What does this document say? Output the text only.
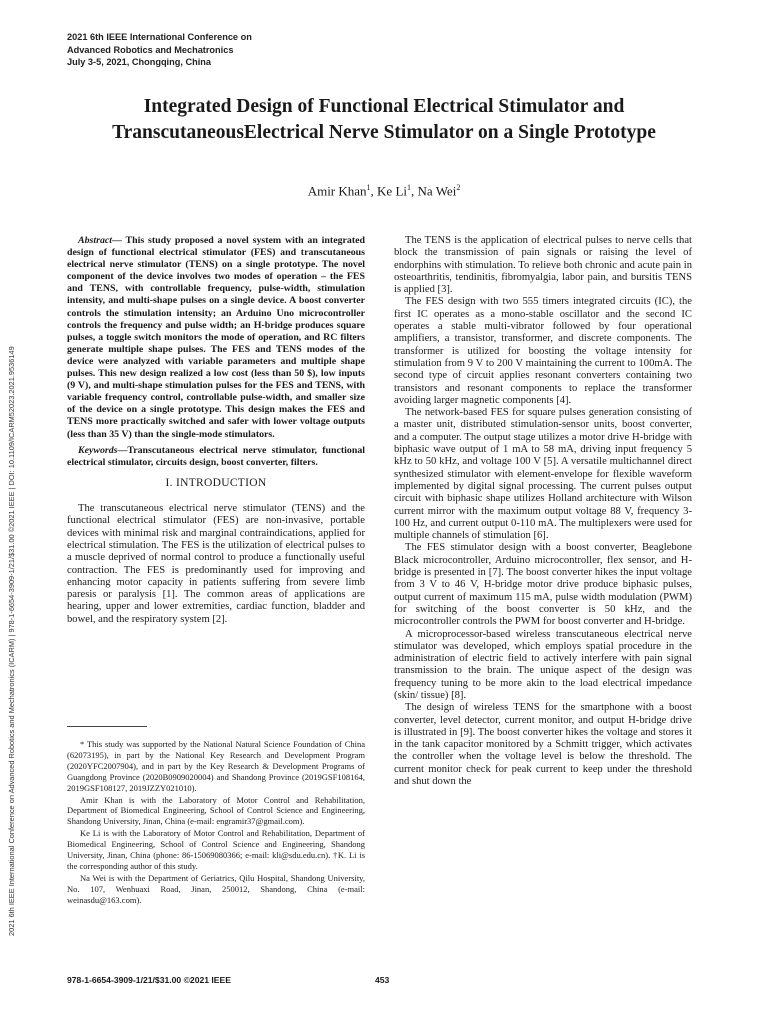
2021 6th IEEE International Conference on
Advanced Robotics and Mechatronics
July 3-5, 2021, Chongqing, China
2021 6th IEEE International Conference on Advanced Robotics and Mechatronics (ICARM) | 978-1-6654-3909-1/21/$31.00 ©2021 IEEE | DOI: 10.1109/ICARM52023.2021.9536149
Integrated Design of Functional Electrical Stimulator and TranscutaneousElectrical Nerve Stimulator on a Single Prototype
Amir Khan$^1$, Ke Li$^1$, Na Wei$^2$

Abstract— This study proposed a novel system with an integrated design of functional electrical stimulator (FES) and transcutaneous electrical nerve stimulator (TENS) on a single prototype. The novel component of the device involves two modes of operation – the FES and TENS, with controllable frequency, pulse-width, stimulation intensity, and multi-shape pulses on a single device. A boost converter controls the stimulation intensity; an Arduino Uno microcontroller controls the frequency and pulse width; an H-bridge produces square pulses, a toggle switch monitors the mode of operation, and RC filters generate multiple shape pulses. The FES and TENS modes of the device were analyzed with variable parameters and multiple shape pulses. This new design realized a low cost (less than 50 $), low inputs (9 V), and multi-shape stimulation pulses for the FES and TENS, with variable frequency control, controllable pulse-width, and smaller size of the device on a single prototype. This design makes the FES and TENS more practically switched and safer with lower voltage outputs (less than 35 V) than the single-mode stimulators.

Keywords—Transcutaneous electrical nerve stimulator, functional electrical stimulator, circuits design, boost converter, filters.

I. INTRODUCTION

The transcutaneous electrical nerve stimulator (TENS) and the functional electrical stimulator (FES) are non-invasive, portable devices with minimal risk and marginal contraindications, applied for electrical stimulation. The FES is the utilization of electrical pulses to a muscle deprived of normal control to produce a functionally useful contraction. The FES is predominantly used for improving and enhancing motor capacity in patients suffering from severe limb paresis or paralysis [1]. The common areas of applications are hearing, upper and lower extremities, cardiac function, bladder and bowel, and the respiratory system [2].

* This study was supported by the National Natural Science Foundation of China (62073195), in part by the National Key Research and Development Program (2020YFC2007904), and in part by the Key Research & Development Programs of Guangdong Province (2020B0909020004) and Shandong Province (2019GSF108164, 2019GSF108127, 2019JZZY021010).

Amir Khan is with the Laboratory of Motor Control and Rehabilitation, Department of Biomedical Engineering, School of Control Science and Engineering, Shandong University, Jinan, China (e-mail: engramir37@gmail.com).

Ke Li is with the Laboratory of Motor Control and Rehabilitation, Department of Biomedical Engineering, School of Control Science and Engineering, Shandong University, Jinan, China (phone: 86-15069080366; e-mail: kli@sdu.edu.cn). †K. Li is the corresponding author of this study.

Na Wei is with the Department of Geriatrics, Qilu Hospital, Shandong University, No. 107, Wenhuaxi Road, Jinan, 250012, Shandong, China (e-mail: weinasdu@163.com).

The TENS is the application of electrical pulses to nerve cells that block the transmission of pain signals or raising the level of endorphins with stimulation. To relieve both chronic and acute pain in osteoarthritis, tendinitis, fibromyalgia, labor pain, and bursitis TENS is applied [3].

The FES design with two 555 timers integrated circuits (IC), the first IC operates as a mono-stable oscillator and the second IC operates a stable multi-vibrator followed by four operational amplifiers, a transistor, transformer, and discrete components. The transformer is utilized for boosting the voltage intensity for stimulation from 9 V to 200 V maintaining the current to 100mA. The second type of circuit applies resonant converters containing two transistors and resonant components to replace the transformer avoiding larger magnetic components [4].

The network-based FES for square pulses generation consisting of a master unit, distributed stimulation-sensor units, boost converter, and a computer. The output stage utilizes a motor drive H-bridge with biphasic wave output of 1 mA to 58 mA, driving input frequency 5 kHz to 50 kHz, and voltage 100 V [5]. A versatile multichannel direct synthesized stimulator with element-envelope for flexible waveform implemented by digital signal processing. The current pulses output circuit with biphasic shape utilizes Holland architecture with Wilson current mirror with the maximum output voltage 88 V, frequency 3-100 Hz, and current output 0-110 mA. The multiplexers were used for multiple channels of stimulation [6].

The FES stimulator design with a boost converter, Beaglebone Black microcontroller, Arduino microcontroller, flex sensor, and H-bridge is presented in [7]. The boost converter hikes the input voltage from 3 V to 46 V, H-bridge motor drive produce biphasic pulses, output current of maximum 115 mA, pulse width modulation (PWM) for switching of the boost converter is 50 kHz, and the microcontroller controls the PWM for boost converter and H-bridge.

A microprocessor-based wireless transcutaneous electrical nerve stimulator was developed, which employs spatial procedure in the administration of electric field to actively interfere with pain signal transmission to the brain. The unique aspect of the design was frequency tuning to be more akin to the load electrical impedance (skin/ tissue) [8].

The design of wireless TENS for the smartphone with a boost converter, level detector, current monitor, and output H-bridge drive is illustrated in [9]. The boost converter hikes the voltage and stores it in the tank capacitor monitored by a Schmitt trigger, which activates the controller when the voltage level is below the threshold. The current monitor check for peak current to keep under the threshold and shut down the

978-1-6654-3909-1/21/$31.00 ©2021 IEEE	453
